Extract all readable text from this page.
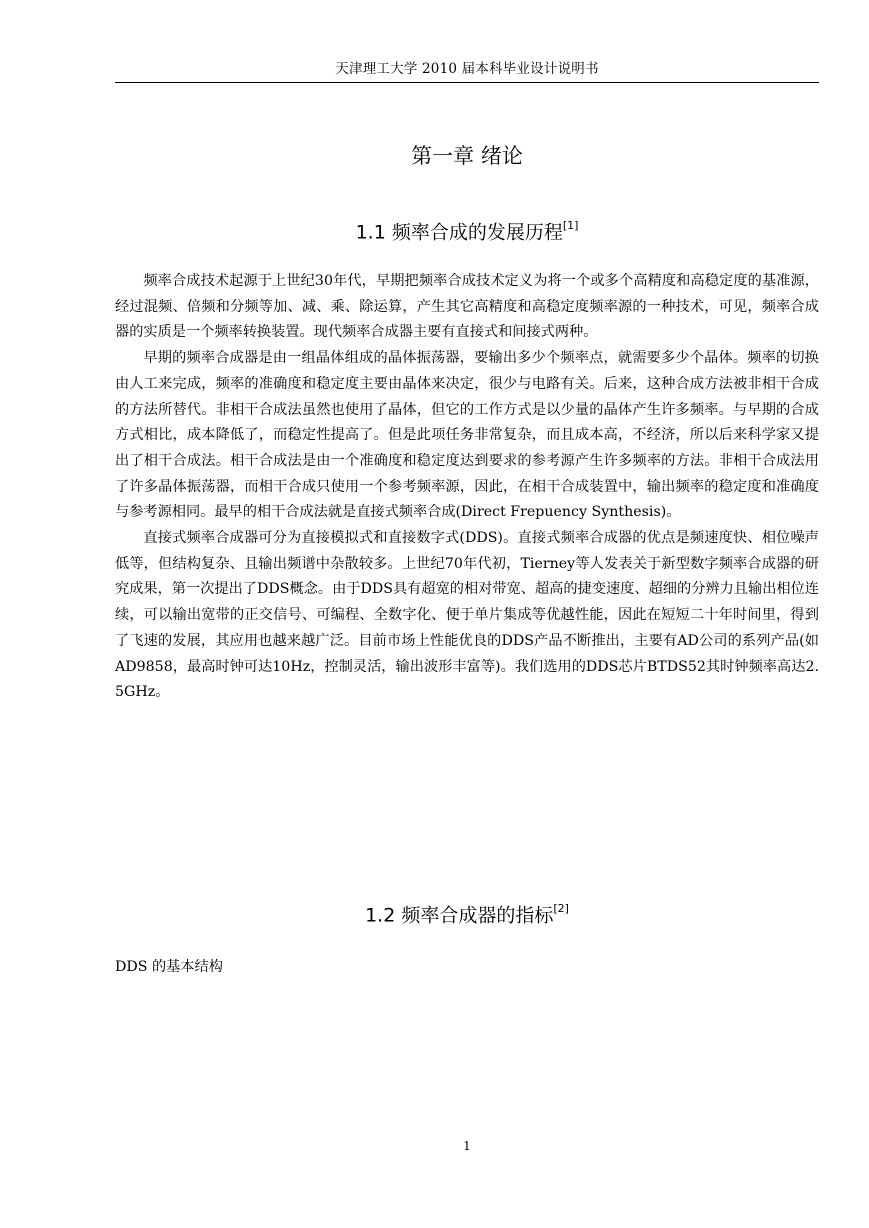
天津理工大学 2010 届本科毕业设计说明书
第一章 绪论
1.1 频率合成的发展历程[1]

频率合成技术起源于上世纪30年代，早期把频率合成技术定义为将一个或多个高精度和高稳定度的基准源，经过混频、倍频和分频等加、减、乘、除运算，产生其它高精度和高稳定度频率源的一种技术，可见，频率合成器的实质是一个频率转换装置。现代频率合成器主要有直接式和间接式两种。

早期的频率合成器是由一组晶体组成的晶体振荡器，要输出多少个频率点，就需要多少个晶体。频率的切换由人工来完成，频率的准确度和稳定度主要由晶体来决定，很少与电路有关。后来，这种合成方法被非相干合成的方法所替代。非相干合成法虽然也使用了晶体，但它的工作方式是以少量的晶体产生许多频率。与早期的合成方式相比，成本降低了，而稳定性提高了。但是此项任务非常复杂，而且成本高，不经济，所以后来科学家又提出了相干合成法。相干合成法是由一个准确度和稳定度达到要求的参考源产生许多频率的方法。非相干合成法用了许多晶体振荡器，而相干合成只使用一个参考频率源，因此，在相干合成装置中，输出频率的稳定度和准确度与参考源相同。最早的相干合成法就是直接式频率合成(Direct Frepuency Synthesis)。

直接式频率合成器可分为直接模拟式和直接数字式(DDS)。直接式频率合成器的优点是频速度快、相位噪声低等，但结构复杂、且输出频谱中杂散较多。上世纪70年代初，Tierney等人发表关于新型数字频率合成器的研究成果，第一次提出了DDS概念。由于DDS具有超宽的相对带宽、超高的捷变速度、超细的分辨力且输出相位连续，可以输出宽带的正交信号、可编程、全数字化、便于单片集成等优越性能，因此在短短二十年时间里，得到了飞速的发展，其应用也越来越广泛。目前市场上性能优良的DDS产品不断推出，主要有AD公司的系列产品(如AD9858，最高时钟可达10Hz，控制灵活，输出波形丰富等)。我们选用的DDS芯片BTDS52其时钟频率高达2. 5GHz。

1.2 频率合成器的指标[2]
DDS 的基本结构
1
